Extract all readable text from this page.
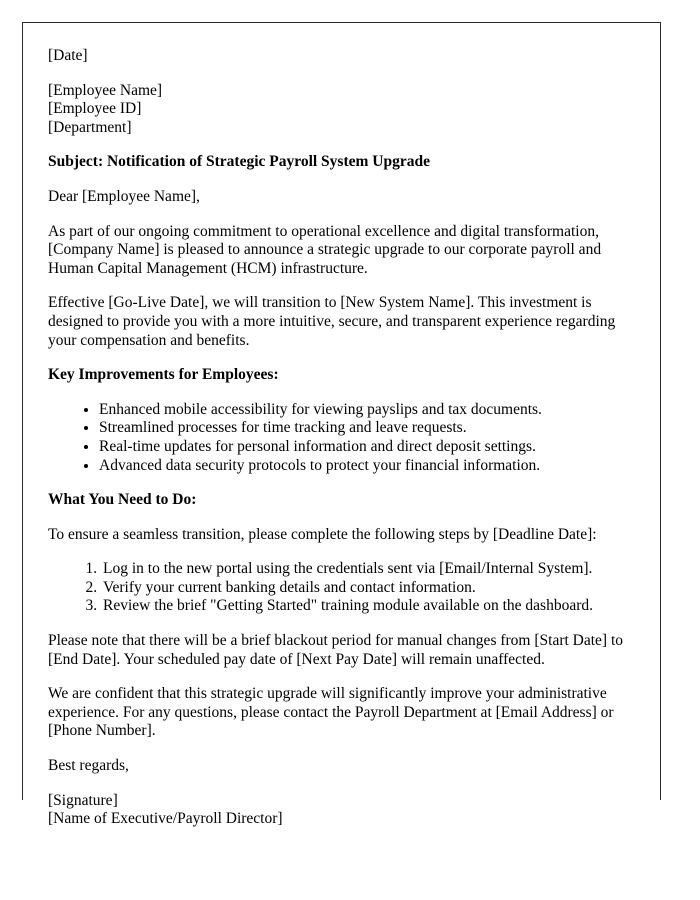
[Date]

[Employee Name]
[Employee ID]
[Department]

Subject: Notification of Strategic Payroll System Upgrade

Dear [Employee Name],

As part of our ongoing commitment to operational excellence and digital transformation, [Company Name] is pleased to announce a strategic upgrade to our corporate payroll and Human Capital Management (HCM) infrastructure.

Effective [Go-Live Date], we will transition to [New System Name]. This investment is designed to provide you with a more intuitive, secure, and transparent experience regarding your compensation and benefits.

Key Improvements for Employees:

• Enhanced mobile accessibility for viewing payslips and tax documents.
• Streamlined processes for time tracking and leave requests.
• Real-time updates for personal information and direct deposit settings.
• Advanced data security protocols to protect your financial information.

What You Need to Do:

To ensure a seamless transition, please complete the following steps by [Deadline Date]:

1. Log in to the new portal using the credentials sent via [Email/Internal System].
2. Verify your current banking details and contact information.
3. Review the brief "Getting Started" training module available on the dashboard.

Please note that there will be a brief blackout period for manual changes from [Start Date] to [End Date]. Your scheduled pay date of [Next Pay Date] will remain unaffected.

We are confident that this strategic upgrade will significantly improve your administrative experience. For any questions, please contact the Payroll Department at [Email Address] or [Phone Number].

Best regards,

[Signature]
[Name of Executive/Payroll Director]
